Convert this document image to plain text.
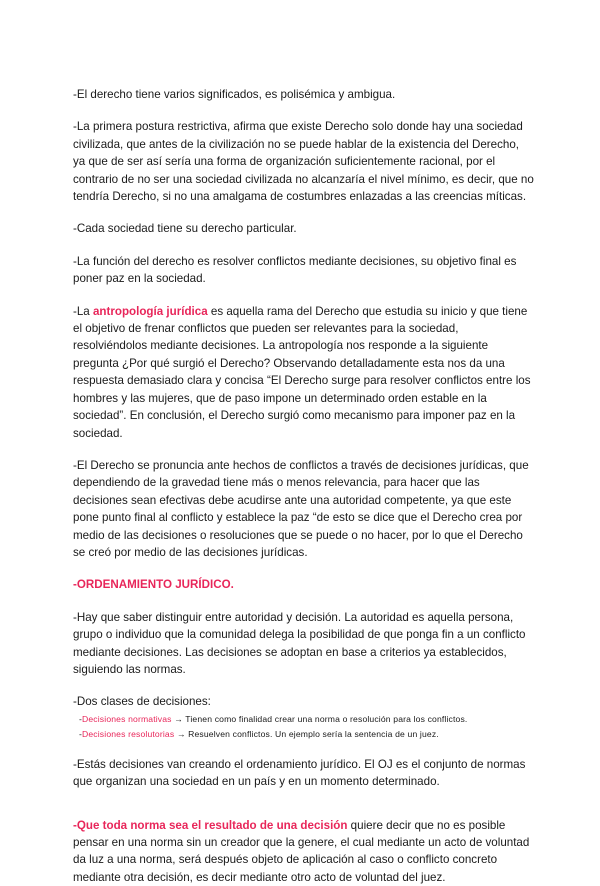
-El derecho tiene varios significados, es polisémica y ambigua.

-La primera postura restrictiva, afirma que existe Derecho solo donde hay una sociedad civilizada, que antes de la civilización no se puede hablar de la existencia del Derecho, ya que de ser así sería una forma de organización suficientemente racional, por el contrario de no ser una sociedad civilizada no alcanzaría el nivel mínimo, es decir, que no tendría Derecho, si no una amalgama de costumbres enlazadas a las creencias míticas.

-Cada sociedad tiene su derecho particular.

-La función del derecho es resolver conflictos mediante decisiones, su objetivo final es poner paz en la sociedad.

-La antropología jurídica es aquella rama del Derecho que estudia su inicio y que tiene el objetivo de frenar conflictos que pueden ser relevantes para la sociedad, resolviéndolos mediante decisiones. La antropología nos responde a la siguiente pregunta ¿Por qué surgió el Derecho? Observando detalladamente esta nos da una respuesta demasiado clara y concisa “El Derecho surge para resolver conflictos entre los hombres y las mujeres, que de paso impone un determinado orden estable en la sociedad”. En conclusión, el Derecho surgió como mecanismo para imponer paz en la sociedad.

-El Derecho se pronuncia ante hechos de conflictos a través de decisiones jurídicas, que dependiendo de la gravedad tiene más o menos relevancia, para hacer que las decisiones sean efectivas debe acudirse ante una autoridad competente, ya que este pone punto final al conflicto y establece la paz “de esto se dice que el Derecho crea por medio de las decisiones o resoluciones que se puede o no hacer, por lo que el Derecho se creó por medio de las decisiones jurídicas.

-ORDENAMIENTO JURÍDICO.

-Hay que saber distinguir entre autoridad y decisión. La autoridad es aquella persona, grupo o individuo que la comunidad delega la posibilidad de que ponga fin a un conflicto mediante decisiones. Las decisiones se adoptan en base a criterios ya establecidos, siguiendo las normas.

-Dos clases de decisiones:

-Decisiones normativas → Tienen como finalidad crear una norma o resolución para los conflictos.

-Decisiones resolutorias → Resuelven conflictos. Un ejemplo sería la sentencia de un juez.

-Estás decisiones van creando el ordenamiento jurídico. El OJ es el conjunto de normas que organizan una sociedad en un país y en un momento determinado.

-Que toda norma sea el resultado de una decisión quiere decir que no es posible pensar en una norma sin un creador que la genere, el cual mediante un acto de voluntad da luz a una norma, será después objeto de aplicación al caso o conflicto concreto mediante otra decisión, es decir mediante otro acto de voluntad del juez.
